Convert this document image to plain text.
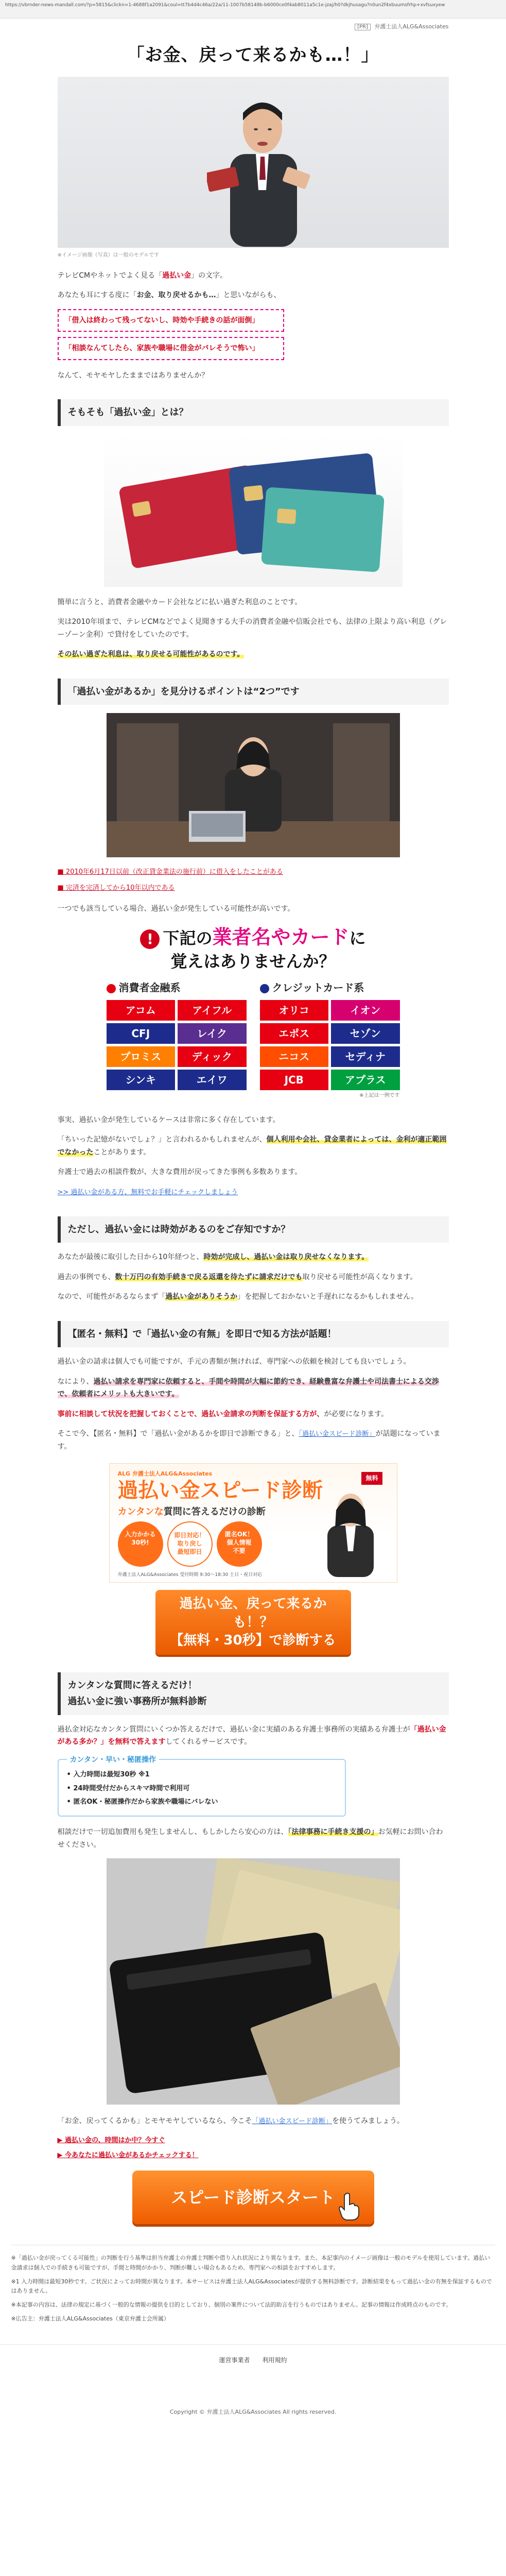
https://vbrnder-news-mandall.com/?p=5815&clickn=1-4688f1a2091&coul=tt7b4d4c46a/22a/11-1007b58148b-b6000ce0f4ab8011a5c1e-jzaj/h0?dkjhusagu?n0un2f4xbuumsfrhp+xvfsuxyew
[PR] 弁護士法人ALG&Associates
「お金、戻って来るかも…！」
※イメージ画像（写真）は一般のモデルです

テレビCMやネットでよく見る「過払い金」の文字。

あなたも耳にする度に「お金、取り戻せるかも…」と思いながらも、

「借入は終わって残ってないし、時効や手続きの話が面倒」
「相談なんてしたら、家族や職場に借金がバレそうで怖い」

なんて、モヤモヤしたままではありませんか？

そもそも「過払い金」とは？

簡単に言うと、消費者金融やカード会社などに払い過ぎた利息のことです。

実は2010年頃まで、テレビCMなどでよく見聞きする大手の消費者金融や信販会社でも、法律の上限より高い利息（グレーゾーン金利）で貸付をしていたのです。

その払い過ぎた利息は、取り戻せる可能性があるのです。

「過払い金があるか」を見分けるポイントは“2つ”です
■ 2010年6月17日以前（改正貸金業法の施行前）に借入をしたことがある
■ 完済を完済してから10年以内である

一つでも該当している場合、過払い金が発生している可能性が高いです。

! 下記の業者名やカードに
覚えはありませんか？
消費者金融系
アコム	アイフル
CFJ	レイク
プロミス	ディック
シンキ	エイワ
クレジットカード系
オリコ	イオン
エポス	セゾン
ニコス	セディナ
JCB	アプラス
※上記は一例です

事実、過払い金が発生しているケースは非常に多く存在しています。

「ちいった記憶がないでしょ？」と言われるかもしれませんが、個人利用や会社、貸金業者によっては、金利が適正範囲でなかったことがあります。

弁護士で過去の相談件数が、大きな費用が戻ってきた事例も多数あります。

>> 過払い金がある方、無料でお手軽にチェックしましょう

ただし、過払い金には時効があるのをご存知ですか？

あなたが最後に取引した日から10年経つと、時効が完成し、過払い金は取り戻せなくなります。

過去の事例でも、数十万円の有効手続きで戻る返還を待たずに請求だけでも取り戻せる可能性が高くなります。

なので、可能性があるならまず「過払い金がありそうか」を把握しておかないと手遅れになるかもしれません。

【匿名・無料】で「過払い金の有無」を即日で知る方法が話題！

過払い金の請求は個人でも可能ですが、手元の書類が無ければ、専門家への依頼を検討しても良いでしょう。

なにより、過払い請求を専門家に依頼すると、手間や時間が大幅に節約でき、経験豊富な弁護士や司法書士による交渉で、依頼者にメリットも大きいです。

事前に相談して状況を把握しておくことで、過払い金請求の判断を保証する方が、が必要になります。

そこで今、【匿名・無料】で「過払い金があるかを即日で診断できる」と、「過払い金スピード診断」が話題になっています。

ALG 弁護士法人ALG&Associates
過払い金スピード診断
カンタンな質問に答えるだけの診断
入力かかる
30秒!
即日対応！
取り戻し
最短即日
匿名OK！
個人情報
不要
無料
弁護士法人ALG&Associates 受付時間 9:30～18:30 土日・祝日対応
過払い金、戻って来るかも！？
【無料・30秒】で診断する
カンタンな質問に答えるだけ！
過払い金に強い事務所が無料診断

過払金対応なカンタン質問にいくつか答えるだけで、過払い金に実績のある弁護士事務所の実績ある弁護士が「過払い金がある多か？」を無料で答えますしてくれるサービスです。

カンタン・早い・秘匿操作
• 入力時間は最短30秒 ※1
• 24時間受付だからスキマ時間で利用可
• 匿名OK・秘匿操作だから家族や職場にバレない

相談だけで一切追加費用も発生しませんし、もしかしたら安心の方は、「法律事務に手続き支援の」お気軽にお問い合わせください。

「お金、戻ってくるかも」とモヤモヤしているなら、今こそ「過払い金スピード診断」を使うてみましょう。

▶ 過払い金の、時間はか中？今すぐ
▶ 今あなたに過払い金があるかチェックする！
スピード診断スタート

※「過払い金が戻ってくる可能性」の判断を行う基準は担当弁護士の弁護士判断や借り入れ状況により異なります。また、本記事内のイメージ画像は一般のモデルを使用しています。過払い金請求は個人での手続きも可能ですが、手間と時間がかかり、判断が難しい場合もあるため、専門家への相談をおすすめします。

※1 入力時間は最短30秒です。ご状況によってお時間が異なります。本サービスは弁護士法人ALG&Associatesが提供する無料診断です。診断結果をもって過払い金の有無を保証するものではありません。

※本記事の内容は、法律の規定に基づく一般的な情報の提供を目的としており、個別の案件について法的助言を行うものではありません。記事の情報は作成時点のものです。

※広告主：弁護士法人ALG&Associates（東京弁護士会所属）

運営事業者 利用規約
Copyright © 弁護士法人ALG&Associates All rights reserved.
